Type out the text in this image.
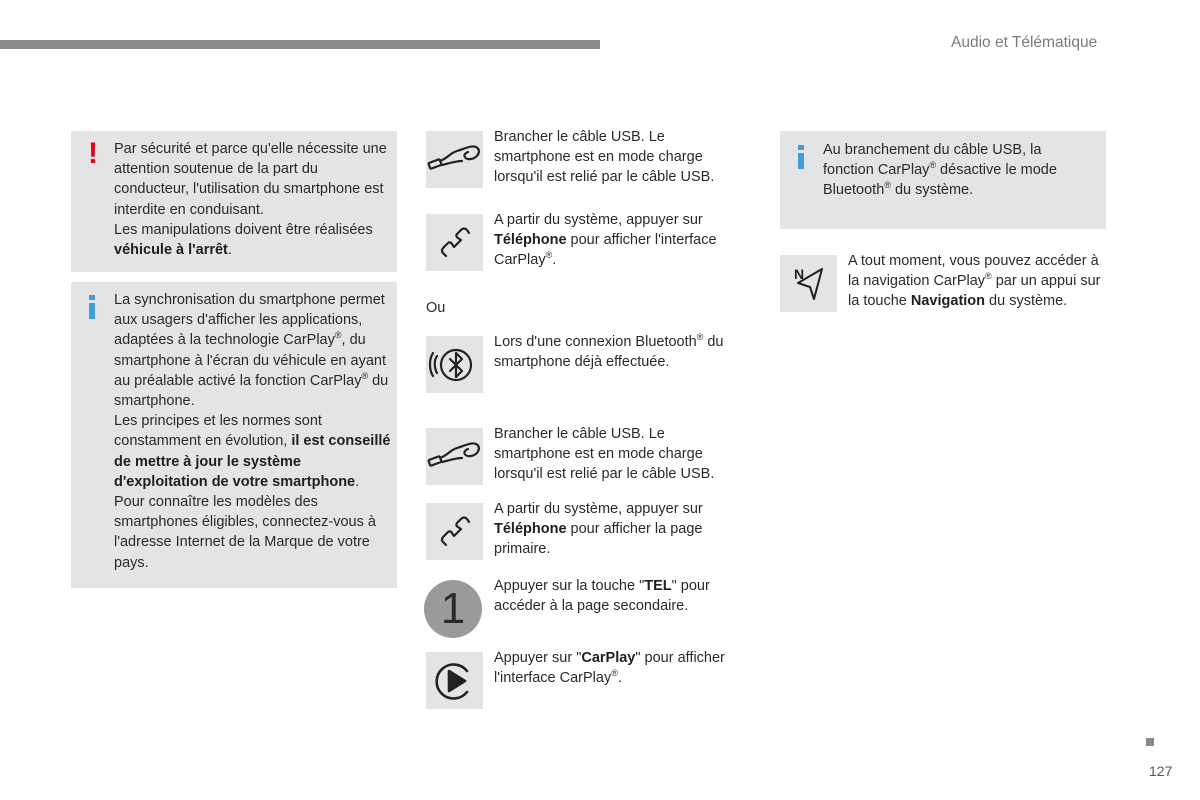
Audio et Télématique
127
! Par sécurité et parce qu'elle nécessite une attention soutenue de la part du conducteur, l'utilisation du smartphone est interdite en conduisant.
Les manipulations doivent être réalisées véhicule à l'arrêt.
La synchronisation du smartphone permet aux usagers d'afficher les applications, adaptées à la technologie CarPlay®, du smartphone à l'écran du véhicule en ayant au préalable activé la fonction CarPlay® du smartphone.
Les principes et les normes sont constamment en évolution, il est conseillé de mettre à jour le système d'exploitation de votre smartphone.
Pour connaître les modèles des smartphones éligibles, connectez-vous à l'adresse Internet de la Marque de votre pays.
Brancher le câble USB. Le smartphone est en mode charge lorsqu'il est relié par le câble USB.
A partir du système, appuyer sur Téléphone pour afficher l'interface CarPlay®.
Ou
Lors d'une connexion Bluetooth® du smartphone déjà effectuée.
Brancher le câble USB. Le smartphone est en mode charge lorsqu'il est relié par le câble USB.
A partir du système, appuyer sur Téléphone pour afficher la page primaire.
1	Appuyer sur la touche "TEL" pour accéder à la page secondaire.
Appuyer sur "CarPlay" pour afficher l'interface CarPlay®.
Au branchement du câble USB, la fonction CarPlay® désactive le mode Bluetooth® du système.
N
A tout moment, vous pouvez accéder à la navigation CarPlay® par un appui sur la touche Navigation du système.
